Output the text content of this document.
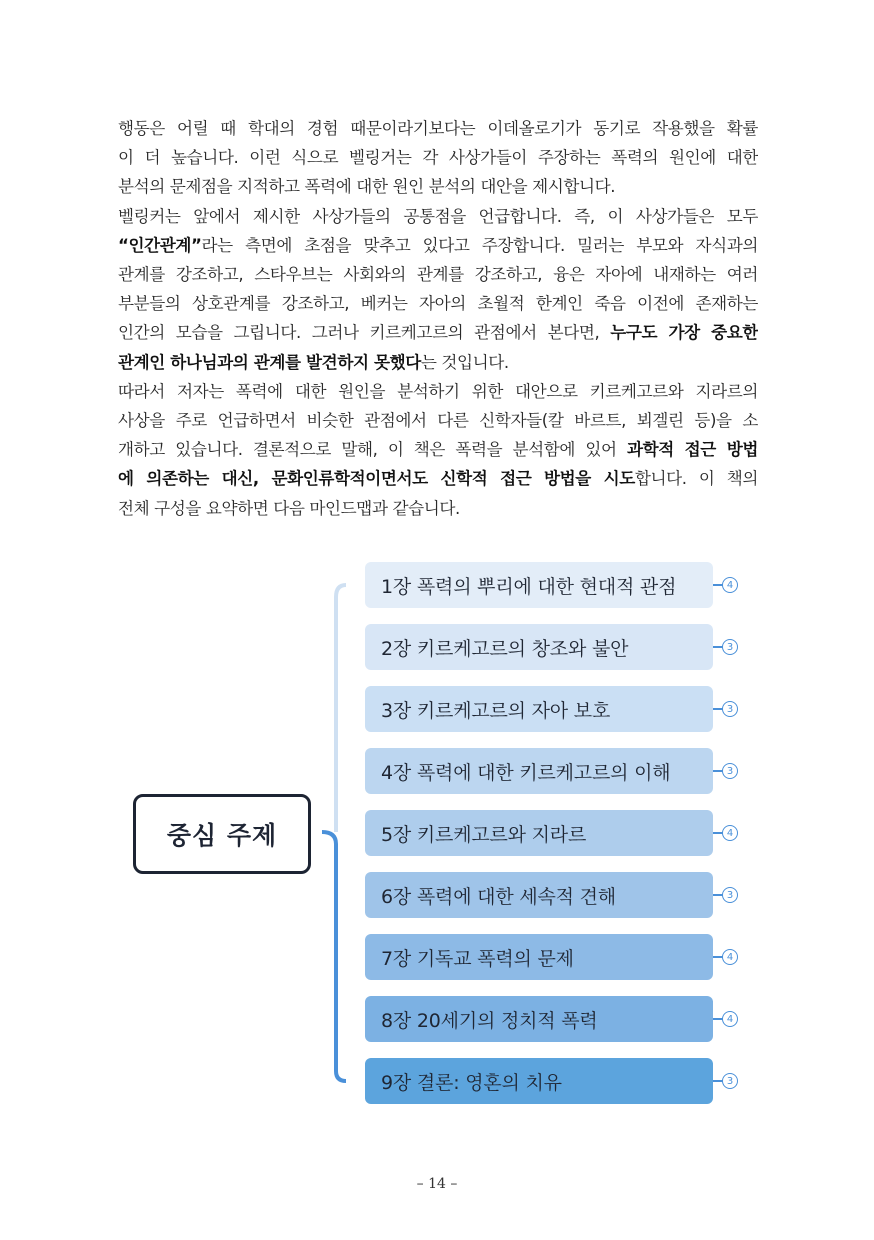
행동은 어릴 때 학대의 경험 때문이라기보다는 이데올로기가 동기로 작용했을 확률

이 더 높습니다. 이런 식으로 벨링거는 각 사상가들이 주장하는 폭력의 원인에 대한

분석의 문제점을 지적하고 폭력에 대한 원인 분석의 대안을 제시합니다.

벨링커는 앞에서 제시한 사상가들의 공통점을 언급합니다. 즉, 이 사상가들은 모두

“인간관계”라는 측면에 초점을 맞추고 있다고 주장합니다. 밀러는 부모와 자식과의

관계를 강조하고, 스타우브는 사회와의 관계를 강조하고, 융은 자아에 내재하는 여러

부분들의 상호관계를 강조하고, 베커는 자아의 초월적 한계인 죽음 이전에 존재하는

인간의 모습을 그립니다. 그러나 키르케고르의 관점에서 본다면, 누구도 가장 중요한

관계인 하나님과의 관계를 발견하지 못했다는 것입니다.

따라서 저자는 폭력에 대한 원인을 분석하기 위한 대안으로 키르케고르와 지라르의

사상을 주로 언급하면서 비슷한 관점에서 다른 신학자들(칼 바르트, 뵈겔린 등)을 소

개하고 있습니다. 결론적으로 말해, 이 책은 폭력을 분석함에 있어 과학적 접근 방법

에 의존하는 대신, 문화인류학적이면서도 신학적 접근 방법을 시도합니다. 이 책의

전체 구성을 요약하면 다음 마인드맵과 같습니다.

중심 주제
1장 폭력의 뿌리에 대한 현대적 관점	4
2장 키르케고르의 창조와 불안	3
3장 키르케고르의 자아 보호	3
4장 폭력에 대한 키르케고르의 이해	3
5장 키르케고르와 지라르	4
6장 폭력에 대한 세속적 견해	3
7장 기독교 폭력의 문제	4
8장 20세기의 정치적 폭력	4
9장 결론: 영혼의 치유	3
– 14 –
